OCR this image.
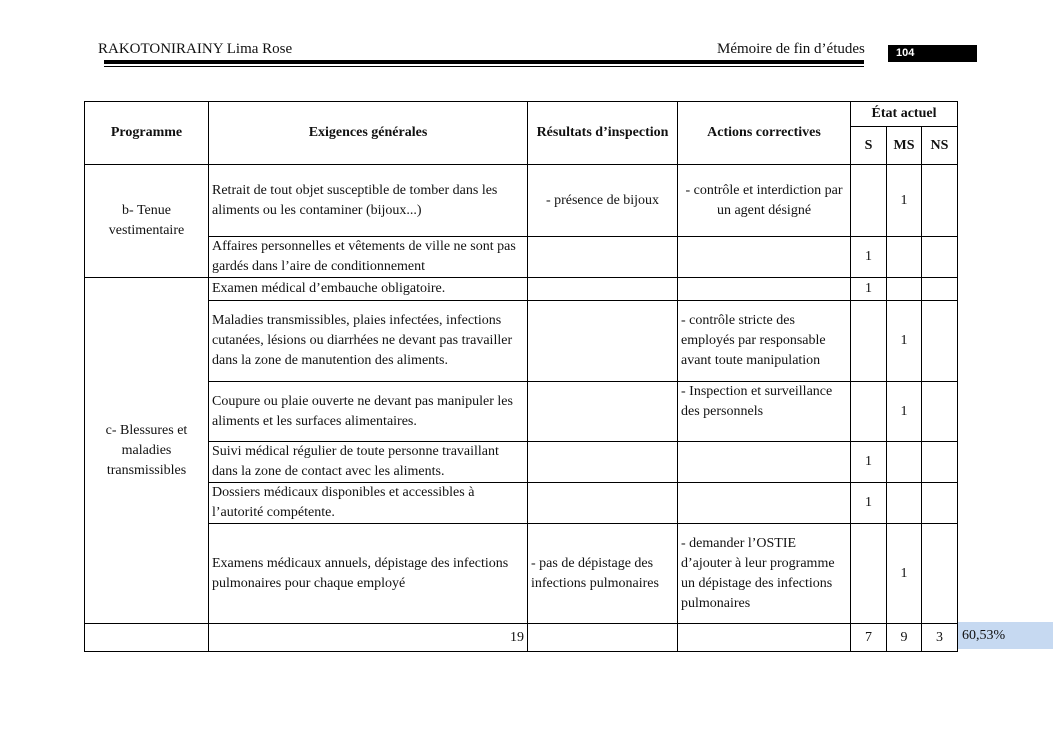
RAKOTONIRAINY Lima Rose	Mémoire de fin d’études	104
Programme	Exigences générales	Résultats d’inspection	Actions correctives	État actuel		
				S	MS	NS
b- Tenue vestimentaire	Retrait de tout objet susceptible de tomber dans les aliments ou les contaminer (bijoux...)	- présence de bijoux	- contrôle et interdiction par un agent désigné		1	
	Affaires personnelles et vêtements de ville ne sont pas gardés dans l’aire de conditionnement			1		
c- Blessures et maladies transmissibles	Examen médical d’embauche obligatoire.			1		
	Maladies transmissibles, plaies infectées, infections cutanées, lésions ou diarrhées ne devant pas travailler dans la zone de manutention des aliments.		- contrôle stricte des employés par responsable avant toute manipulation		1	
	Coupure ou plaie ouverte ne devant pas manipuler les aliments et les surfaces alimentaires.		- Inspection et surveillance des personnels		1	
	Suivi médical régulier de toute personne travaillant dans la zone de contact avec les aliments.			1		
	Dossiers médicaux disponibles et accessibles à l’autorité compétente.			1		
	Examens médicaux annuels, dépistage des infections pulmonaires pour chaque employé	- pas de dépistage des infections pulmonaires	- demander l’OSTIE d’ajouter à leur programme un dépistage des infections pulmonaires		1	
	19			7	9	3 60,53%
